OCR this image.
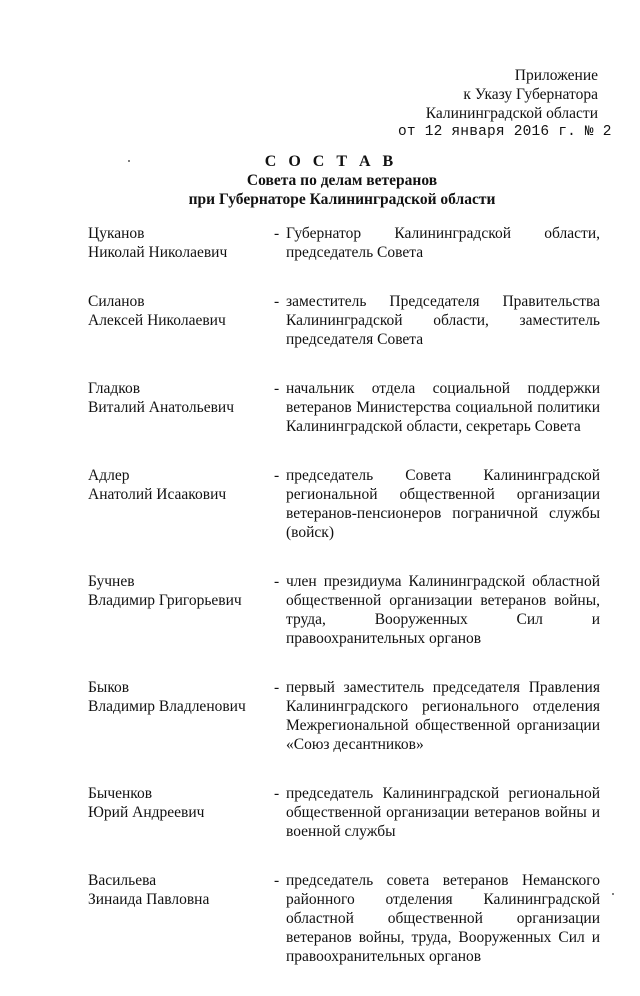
Приложение
к Указу Губернатора
Калининградской области
от 12 января 2016 г. № 2
С О С Т А В
Совета по делам ветеранов
при Губернаторе Калининградской области
Цуканов
Николай Николаевич
- Губернатор Калининградской области, председатель Совета
Силанов
Алексей Николаевич
- заместитель Председателя Правительства Калининградской области, заместитель председателя Совета
Гладков
Виталий Анатольевич
- начальник отдела социальной поддержки ветеранов Министерства социальной политики Калининградской области, секретарь Совета
Адлер
Анатолий Исаакович
- председатель Совета Калининградской региональной общественной организации ветеранов-пенсионеров пограничной службы (войск)
Бучнев
Владимир Григорьевич
- член президиума Калининградской областной общественной организации ветеранов войны, труда, Вооруженных Сил и правоохранительных органов
Быков
Владимир Владленович
- первый заместитель председателя Правления Калининградского регионального отделения Межрегиональной общественной организации «Союз десантников»
Быченков
Юрий Андреевич
- председатель Калининградской региональной общественной организации ветеранов войны и военной службы
Васильева
Зинаида Павловна
- председатель совета ветеранов Неманского районного отделения Калининградской областной общественной организации ветеранов войны, труда, Вооруженных Сил и правоохранительных органов
